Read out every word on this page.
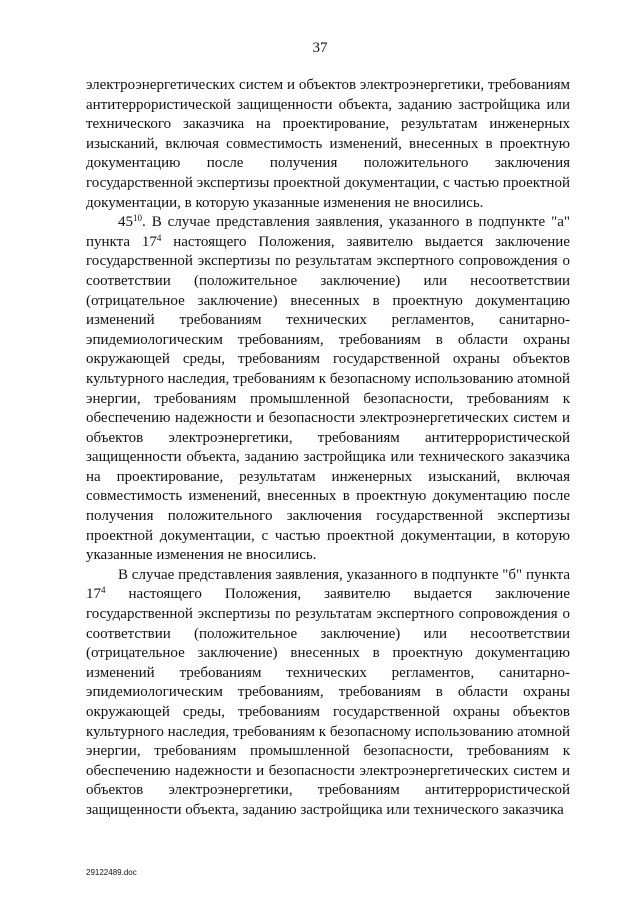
37

электроэнергетических систем и объектов электроэнергетики, требованиям антитеррористической защищенности объекта, заданию застройщика или технического заказчика на проектирование, результатам инженерных изысканий, включая совместимость изменений, внесенных в проектную документацию после получения положительного заключения государственной экспертизы проектной документации, с частью проектной документации, в которую указанные изменения не вносились.

$45^{10}$. В случае представления заявления, указанного в подпункте "а" пункта $17^4$ настоящего Положения, заявителю выдается заключение государственной экспертизы по результатам экспертного сопровождения о соответствии (положительное заключение) или несоответствии (отрицательное заключение) внесенных в проектную документацию изменений требованиям технических регламентов, санитарно-эпидемиологическим требованиям, требованиям в области охраны окружающей среды, требованиям государственной охраны объектов культурного наследия, требованиям к безопасному использованию атомной энергии, требованиям промышленной безопасности, требованиям к обеспечению надежности и безопасности электроэнергетических систем и объектов электроэнергетики, требованиям антитеррористической защищенности объекта, заданию застройщика или технического заказчика на проектирование, результатам инженерных изысканий, включая совместимость изменений, внесенных в проектную документацию после получения положительного заключения государственной экспертизы проектной документации, с частью проектной документации, в которую указанные изменения не вносились.

В случае представления заявления, указанного в подпункте "б" пункта $17^4$ настоящего Положения, заявителю выдается заключение государственной экспертизы по результатам экспертного сопровождения о соответствии (положительное заключение) или несоответствии (отрицательное заключение) внесенных в проектную документацию изменений требованиям технических регламентов, санитарно-эпидемиологическим требованиям, требованиям в области охраны окружающей среды, требованиям государственной охраны объектов культурного наследия, требованиям к безопасному использованию атомной энергии, требованиям промышленной безопасности, требованиям к обеспечению надежности и безопасности электроэнергетических систем и объектов электроэнергетики, требованиям антитеррористической защищенности объекта, заданию застройщика или технического заказчика

29122489.doc
